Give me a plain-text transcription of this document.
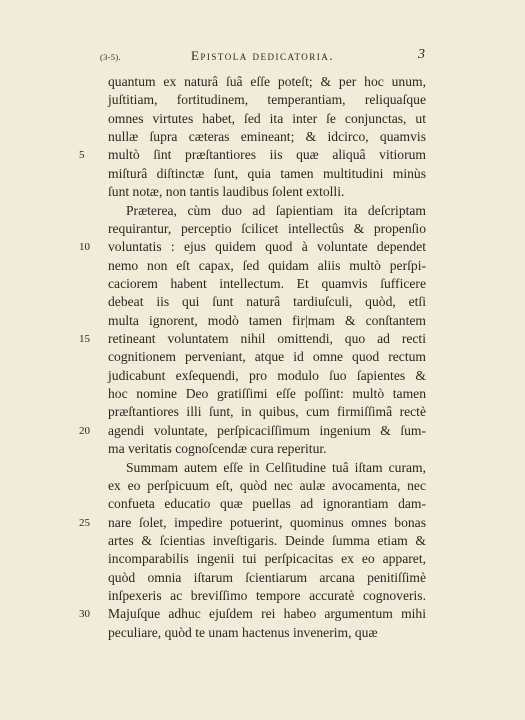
(3-5).	Epistola dedicatoria.	3
quantum ex naturâ ſuâ eſſe poteſt; & per hoc unum,
juſtitiam, fortitudinem, temperantiam, reliquaſque
omnes virtutes habet, ſed ita inter ſe conjunctas, ut
nullæ ſupra cæteras emineant; & idcirco, quamvis
5	multò ſint præſtantiores iis quæ aliquâ vitiorum
miſturâ diſtinctæ ſunt, quia tamen multitudini minùs
ſunt notæ, non tantis laudibus ſolent extolli.
Præterea, cùm duo ad ſapientiam ita deſcriptam
requirantur, perceptio ſcilicet intellectûs & propenſio
10	voluntatis : ejus quidem quod à voluntate dependet
nemo non eſt capax, ſed quidam aliis multò perſpi-
caciorem habent intellectum. Et quamvis ſufficere
debeat iis qui ſunt naturâ tardiuſculi, quòd, etſi
multa ignorent, modò tamen fir|mam & conſtantem
15	retineant voluntatem nihil omittendi, quo ad recti
cognitionem perveniant, atque id omne quod rectum
judicabunt exſequendi, pro modulo ſuo ſapientes &
hoc nomine Deo gratiſſimi eſſe poſſint: multò tamen
præſtantiores illi ſunt, in quibus, cum firmiſſimâ rectè
20	agendi voluntate, perſpicaciſſimum ingenium & ſum-
ma veritatis cognoſcendæ cura reperitur.
Summam autem eſſe in Celſitudine tuâ iſtam curam,
ex eo perſpicuum eſt, quòd nec aulæ avocamenta, nec
confueta educatio quæ puellas ad ignorantiam dam-
25	nare ſolet, impedire potuerint, quominus omnes bonas
artes & ſcientias inveſtigaris. Deinde ſumma etiam &
incomparabilis ingenii tui perſpicacitas ex eo apparet,
quòd omnia iſtarum ſcientiarum arcana penitiſſimè
inſpexeris ac breviſſimo tempore accuratè cognoveris.
30	Majuſque adhuc ejuſdem rei habeo argumentum mihi
peculiare, quòd te unam hactenus invenerim, quæ
